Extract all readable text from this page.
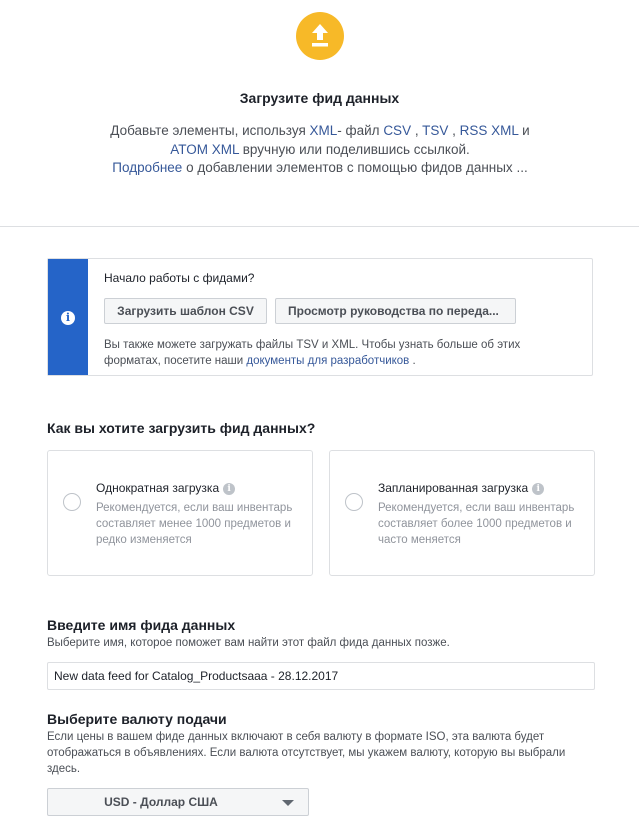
Загрузите фид данных
Добавьте элементы, используя XML- файл CSV , TSV , RSS XML и ATOM XML вручную или поделившись ссылкой.
Подробнее о добавлении элементов с помощью фидов данных ...
i
Начало работы с фидами?
Загрузить шаблон CSV	Просмотр руководства по переда...
Вы также можете загружать файлы TSV и XML. Чтобы узнать больше об этих форматах, посетите наши документы для разработчиков .
Как вы хотите загрузить фид данных?
Однократная загрузка i
Рекомендуется, если ваш инвентарь составляет менее 1000 предметов и редко изменяется
Запланированная загрузка i
Рекомендуется, если ваш инвентарь составляет более 1000 предметов и часто меняется
Введите имя фида данных
Выберите имя, которое поможет вам найти этот файл фида данных позже.
New data feed for Catalog_Productsaaa - 28.12.2017
Выберите валюту подачи
Если цены в вашем фиде данных включают в себя валюту в формате ISO, эта валюта будет отображаться в объявлениях. Если валюта отсутствует, мы укажем валюту, которую вы выбрали здесь.
USD - Доллар США
